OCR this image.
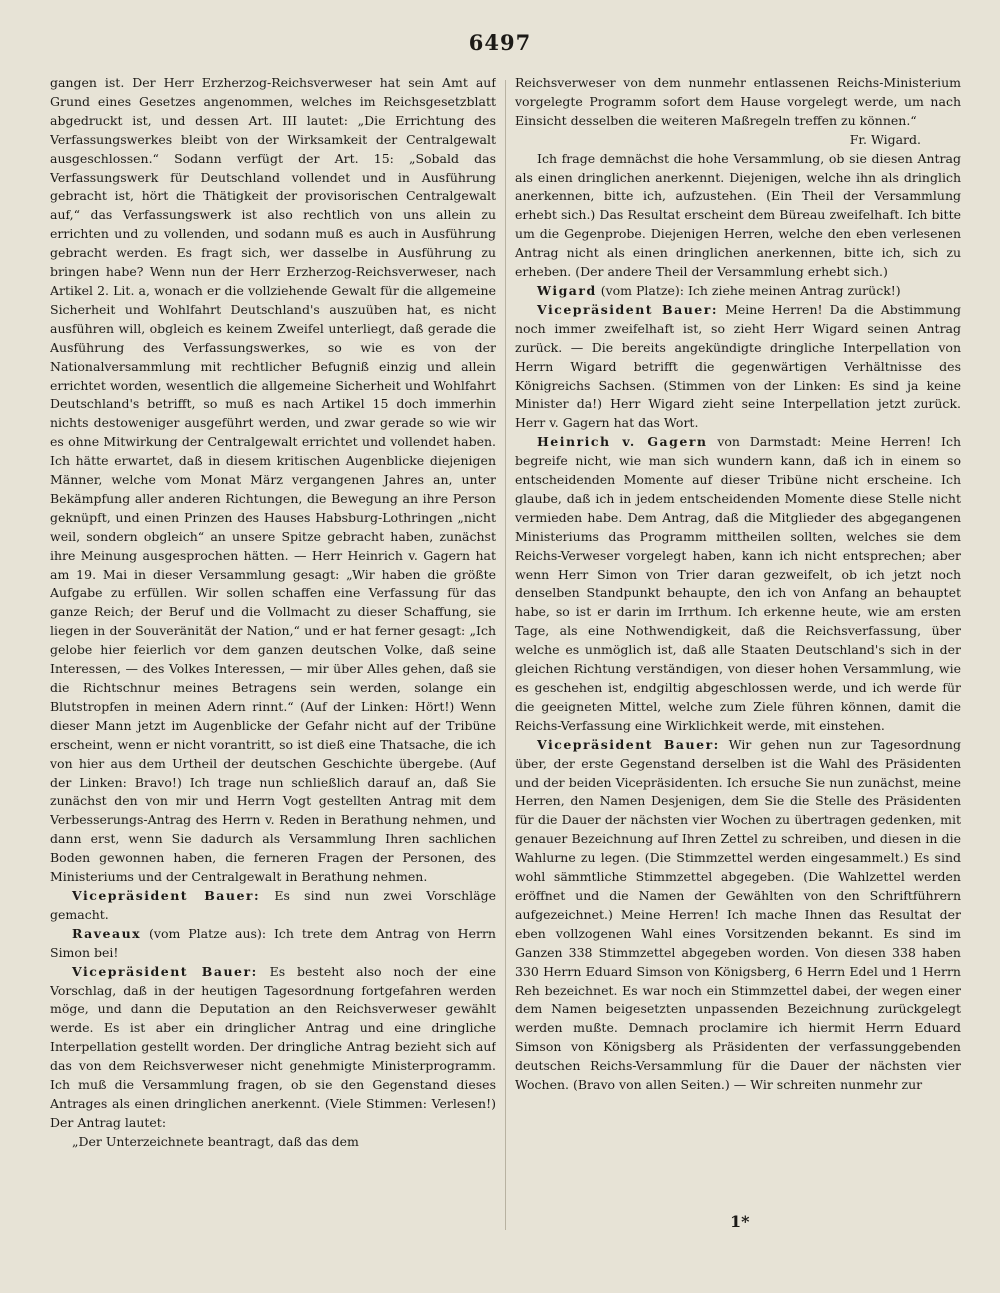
6497

gangen ist. Der Herr Erzherzog-Reichsverweser hat sein Amt auf Grund eines Gesetzes angenommen, welches im Reichsgesetzblatt abgedruckt ist, und dessen Art. III lautet: „Die Errichtung des Verfassungswerkes bleibt von der Wirksamkeit der Centralgewalt ausgeschlossen.“ Sodann verfügt der Art. 15: „Sobald das Verfassungswerk für Deutschland vollendet und in Ausführung gebracht ist, hört die Thätigkeit der provisorischen Centralgewalt auf,“ das Verfassungswerk ist also rechtlich von uns allein zu errichten und zu vollenden, und sodann muß es auch in Ausführung gebracht werden. Es fragt sich, wer dasselbe in Ausführung zu bringen habe? Wenn nun der Herr Erzherzog-Reichsverweser, nach Artikel 2. Lit. a, wonach er die vollziehende Gewalt für die allgemeine Sicherheit und Wohlfahrt Deutschland's auszuüben hat, es nicht ausführen will, obgleich es keinem Zweifel unterliegt, daß gerade die Ausführung des Verfassungswerkes, so wie es von der Nationalversammlung mit rechtlicher Befugniß einzig und allein errichtet worden, wesentlich die allgemeine Sicherheit und Wohlfahrt Deutschland's betrifft, so muß es nach Artikel 15 doch immerhin nichts destoweniger ausgeführt werden, und zwar gerade so wie wir es ohne Mitwirkung der Centralgewalt errichtet und vollendet haben. Ich hätte erwartet, daß in diesem kritischen Augenblicke diejenigen Männer, welche vom Monat März vergangenen Jahres an, unter Bekämpfung aller anderen Richtungen, die Bewegung an ihre Person geknüpft, und einen Prinzen des Hauses Habsburg-Lothringen „nicht weil, sondern obgleich“ an unsere Spitze gebracht haben, zunächst ihre Meinung ausgesprochen hätten. — Herr Heinrich v. Gagern hat am 19. Mai in dieser Versammlung gesagt: „Wir haben die größte Aufgabe zu erfüllen. Wir sollen schaffen eine Verfassung für das ganze Reich; der Beruf und die Vollmacht zu dieser Schaffung, sie liegen in der Souveränität der Nation,“ und er hat ferner gesagt: „Ich gelobe hier feierlich vor dem ganzen deutschen Volke, daß seine Interessen, — des Volkes Interessen, — mir über Alles gehen, daß sie die Richtschnur meines Betragens sein werden, solange ein Blutstropfen in meinen Adern rinnt.“ (Auf der Linken: Hört!) Wenn dieser Mann jetzt im Augenblicke der Gefahr nicht auf der Tribüne erscheint, wenn er nicht vorantritt, so ist dieß eine Thatsache, die ich von hier aus dem Urtheil der deutschen Geschichte übergebe. (Auf der Linken: Bravo!) Ich trage nun schließlich darauf an, daß Sie zunächst den von mir und Herrn Vogt gestellten Antrag mit dem Verbesserungs-Antrag des Herrn v. Reden in Berathung nehmen, und dann erst, wenn Sie dadurch als Versammlung Ihren sachlichen Boden gewonnen haben, die ferneren Fragen der Personen, des Ministeriums und der Centralgewalt in Berathung nehmen.

Vicepräsident Bauer: Es sind nun zwei Vorschläge gemacht.

Raveaux (vom Platze aus): Ich trete dem Antrag von Herrn Simon bei!

Vicepräsident Bauer: Es besteht also noch der eine Vorschlag, daß in der heutigen Tagesordnung fortgefahren werden möge, und dann die Deputation an den Reichsverweser gewählt werde. Es ist aber ein dringlicher Antrag und eine dringliche Interpellation gestellt worden. Der dringliche Antrag bezieht sich auf das von dem Reichsverweser nicht genehmigte Ministerprogramm. Ich muß die Versammlung fragen, ob sie den Gegenstand dieses Antrages als einen dringlichen anerkennt. (Viele Stimmen: Verlesen!) Der Antrag lautet:

„Der Unterzeichnete beantragt, daß das dem

Reichsverweser von dem nunmehr entlassenen Reichs-Ministerium vorgelegte Programm sofort dem Hause vorgelegt werde, um nach Einsicht desselben die weiteren Maßregeln treffen zu können.“

Fr. Wigard.

Ich frage demnächst die hohe Versammlung, ob sie diesen Antrag als einen dringlichen anerkennt. Diejenigen, welche ihn als dringlich anerkennen, bitte ich, aufzustehen. (Ein Theil der Versammlung erhebt sich.) Das Resultat erscheint dem Büreau zweifelhaft. Ich bitte um die Gegenprobe. Diejenigen Herren, welche den eben verlesenen Antrag nicht als einen dringlichen anerkennen, bitte ich, sich zu erheben. (Der andere Theil der Versammlung erhebt sich.)

Wigard (vom Platze): Ich ziehe meinen Antrag zurück!)

Vicepräsident Bauer: Meine Herren! Da die Abstimmung noch immer zweifelhaft ist, so zieht Herr Wigard seinen Antrag zurück. — Die bereits angekündigte dringliche Interpellation von Herrn Wigard betrifft die gegenwärtigen Verhältnisse des Königreichs Sachsen. (Stimmen von der Linken: Es sind ja keine Minister da!) Herr Wigard zieht seine Interpellation jetzt zurück. Herr v. Gagern hat das Wort.

Heinrich v. Gagern von Darmstadt: Meine Herren! Ich begreife nicht, wie man sich wundern kann, daß ich in einem so entscheidenden Momente auf dieser Tribüne nicht erscheine. Ich glaube, daß ich in jedem entscheidenden Momente diese Stelle nicht vermieden habe. Dem Antrag, daß die Mitglieder des abgegangenen Ministeriums das Programm mittheilen sollten, welches sie dem Reichs-Verweser vorgelegt haben, kann ich nicht entsprechen; aber wenn Herr Simon von Trier daran gezweifelt, ob ich jetzt noch denselben Standpunkt behaupte, den ich von Anfang an behauptet habe, so ist er darin im Irrthum. Ich erkenne heute, wie am ersten Tage, als eine Nothwendigkeit, daß die Reichsverfassung, über welche es unmöglich ist, daß alle Staaten Deutschland's sich in der gleichen Richtung verständigen, von dieser hohen Versammlung, wie es geschehen ist, endgiltig abgeschlossen werde, und ich werde für die geeigneten Mittel, welche zum Ziele führen können, damit die Reichs-Verfassung eine Wirklichkeit werde, mit einstehen.

Vicepräsident Bauer: Wir gehen nun zur Tagesordnung über, der erste Gegenstand derselben ist die Wahl des Präsidenten und der beiden Vicepräsidenten. Ich ersuche Sie nun zunächst, meine Herren, den Namen Desjenigen, dem Sie die Stelle des Präsidenten für die Dauer der nächsten vier Wochen zu übertragen gedenken, mit genauer Bezeichnung auf Ihren Zettel zu schreiben, und diesen in die Wahlurne zu legen. (Die Stimmzettel werden eingesammelt.) Es sind wohl sämmtliche Stimmzettel abgegeben. (Die Wahlzettel werden eröffnet und die Namen der Gewählten von den Schriftführern aufgezeichnet.) Meine Herren! Ich mache Ihnen das Resultat der eben vollzogenen Wahl eines Vorsitzenden bekannt. Es sind im Ganzen 338 Stimmzettel abgegeben worden. Von diesen 338 haben 330 Herrn Eduard Simson von Königsberg, 6 Herrn Edel und 1 Herrn Reh bezeichnet. Es war noch ein Stimmzettel dabei, der wegen einer dem Namen beigesetzten unpassenden Bezeichnung zurückgelegt werden mußte. Demnach proclamire ich hiermit Herrn Eduard Simson von Königsberg als Präsidenten der verfassunggebenden deutschen Reichs-Versammlung für die Dauer der nächsten vier Wochen. (Bravo von allen Seiten.) — Wir schreiten nunmehr zur

1*
